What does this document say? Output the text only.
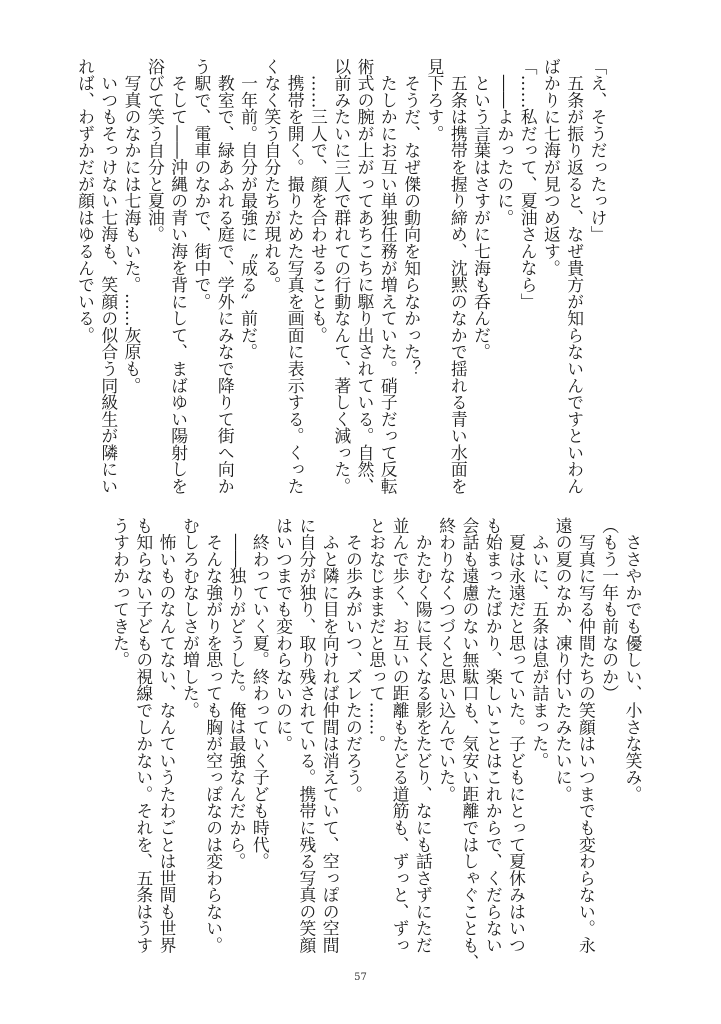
「え、そうだったっけ」
　五条が振り返ると、なぜ貴方が知らないんですといわん
ばかりに七海が見つめ返す。
「……私だって、夏油さんなら」
　――よかったのに。
　という言葉はさすがに七海も呑んだ。
　五条は携帯を握り締め、沈黙のなかで揺れる青い水面を
見下ろす。
　そうだ、なぜ傑の動向を知らなかった？
　たしかにお互い単独任務が増えていた。硝子だって反転
術式の腕が上がってあちこちに駆り出されている。自然、
以前みたいに三人で群れての行動なんて、著しく減った。
　……三人で、顔を合わせることも。
　携帯を開く。撮りためた写真を画面に表示する。くった
くなく笑う自分たちが現れる。
　一年前。自分が最強に〝成る〟前だ。
　教室で、緑あふれる庭で、学外にみなで降りて街へ向か
う駅で、電車のなかで、街中で。
　そして――沖縄の青い海を背にして、まばゆい陽射しを
浴びて笑う自分と夏油。
　写真のなかには七海もいた。……灰原も。
　いつもそっけない七海も、笑顔の似合う同級生が隣にい
れば、わずかだが顔はゆるんでいる。
　ささやかでも優しい、小さな笑み。
（もう一年も前なのか）
　写真に写る仲間たちの笑顔はいつまでも変わらない。永
遠の夏のなか、凍り付いたみたいに。
　ふいに、五条は息が詰まった。
　夏は永遠だと思っていた。子どもにとって夏休みはいつ
も始まったばかり、楽しいことはこれからで、くだらない
会話も遠慮のない無駄口も、気安い距離ではしゃぐことも、
終わりなくつづくと思い込んでいた。
　かたむく陽に長くなる影をたどり、なにも話さずにただ
並んで歩く、お互いの距離もたどる道筋も、ずっと、ずっ
とおなじままだと思って……。
　その歩みがいつ、ズレたのだろう。
　ふと隣に目を向ければ仲間は消えていて、空っぽの空間
に自分が独り、取り残されている。携帯に残る写真の笑顔
はいつまでも変わらないのに。
　終わっていく夏。終わっていく子ども時代。
　――独りがどうした。俺は最強なんだから。
　そんな強がりを思っても胸が空っぽなのは変わらない。
むしろむなしさが増した。
　怖いものなんてない、なんていうたわごとは世間も世界
も知らない子どもの視線でしかない。それを、五条はうす
うすわかってきた。
57
